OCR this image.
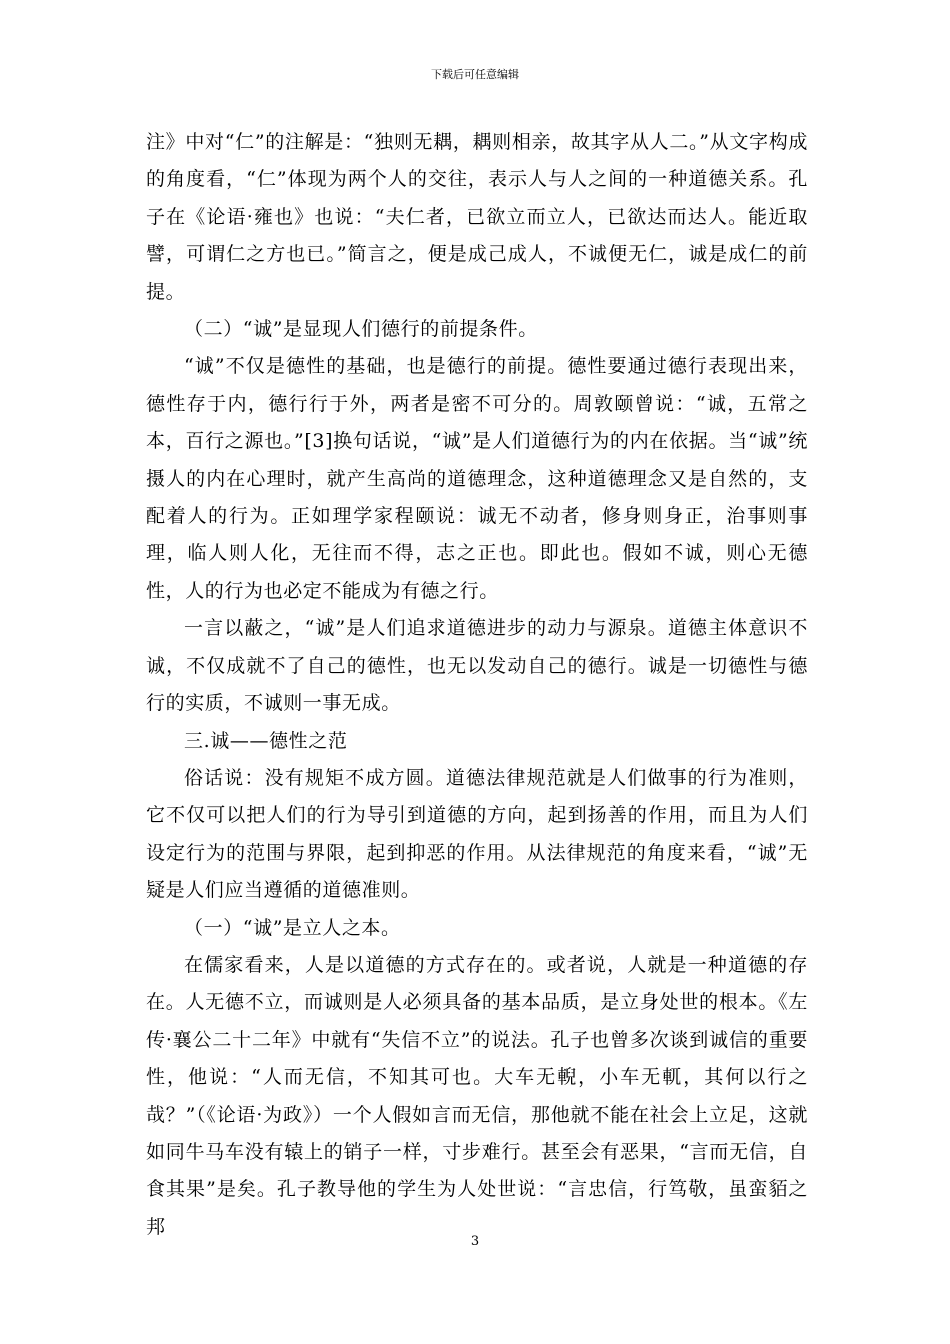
下载后可任意编辑

注》中对“仁”的注解是：“独则无耦，耦则相亲，故其字从人二。”从文字构成的角度看，“仁”体现为两个人的交往，表示人与人之间的一种道德关系。孔子在《论语·雍也》也说：“夫仁者，已欲立而立人，已欲达而达人。能近取譬，可谓仁之方也已。”简言之，便是成己成人，不诚便无仁，诚是成仁的前提。

（二）“诚”是显现人们德行的前提条件。

“诚”不仅是德性的基础，也是德行的前提。德性要通过德行表现出来，德性存于内，德行行于外，两者是密不可分的。周敦颐曾说：“诚，五常之本，百行之源也。”[3]换句话说，“诚”是人们道德行为的内在依据。当“诚”统摄人的内在心理时，就产生高尚的道德理念，这种道德理念又是自然的，支配着人的行为。正如理学家程颐说：诚无不动者，修身则身正，治事则事理，临人则人化，无往而不得，志之正也。即此也。假如不诚，则心无德性，人的行为也必定不能成为有德之行。

一言以蔽之，“诚”是人们追求道德进步的动力与源泉。道德主体意识不诚，不仅成就不了自己的德性，也无以发动自己的德行。诚是一切德性与德行的实质，不诚则一事无成。

三.诚——德性之范

俗话说：没有规矩不成方圆。道德法律规范就是人们做事的行为准则，它不仅可以把人们的行为导引到道德的方向，起到扬善的作用，而且为人们设定行为的范围与界限，起到抑恶的作用。从法律规范的角度来看，“诚”无疑是人们应当遵循的道德准则。

（一）“诚”是立人之本。

在儒家看来，人是以道德的方式存在的。或者说，人就是一种道德的存在。人无德不立，而诚则是人必须具备的基本品质，是立身处世的根本。《左传·襄公二十二年》中就有“失信不立”的说法。孔子也曾多次谈到诚信的重要性，他说：“人而无信，不知其可也。大车无輗，小车无軏，其何以行之哉？”（《论语·为政》）一个人假如言而无信，那他就不能在社会上立足，这就如同牛马车没有辕上的销子一样，寸步难行。甚至会有恶果，“言而无信，自食其果”是矣。孔子教导他的学生为人处世说：“言忠信，行笃敬，虽蛮貊之邦

3
